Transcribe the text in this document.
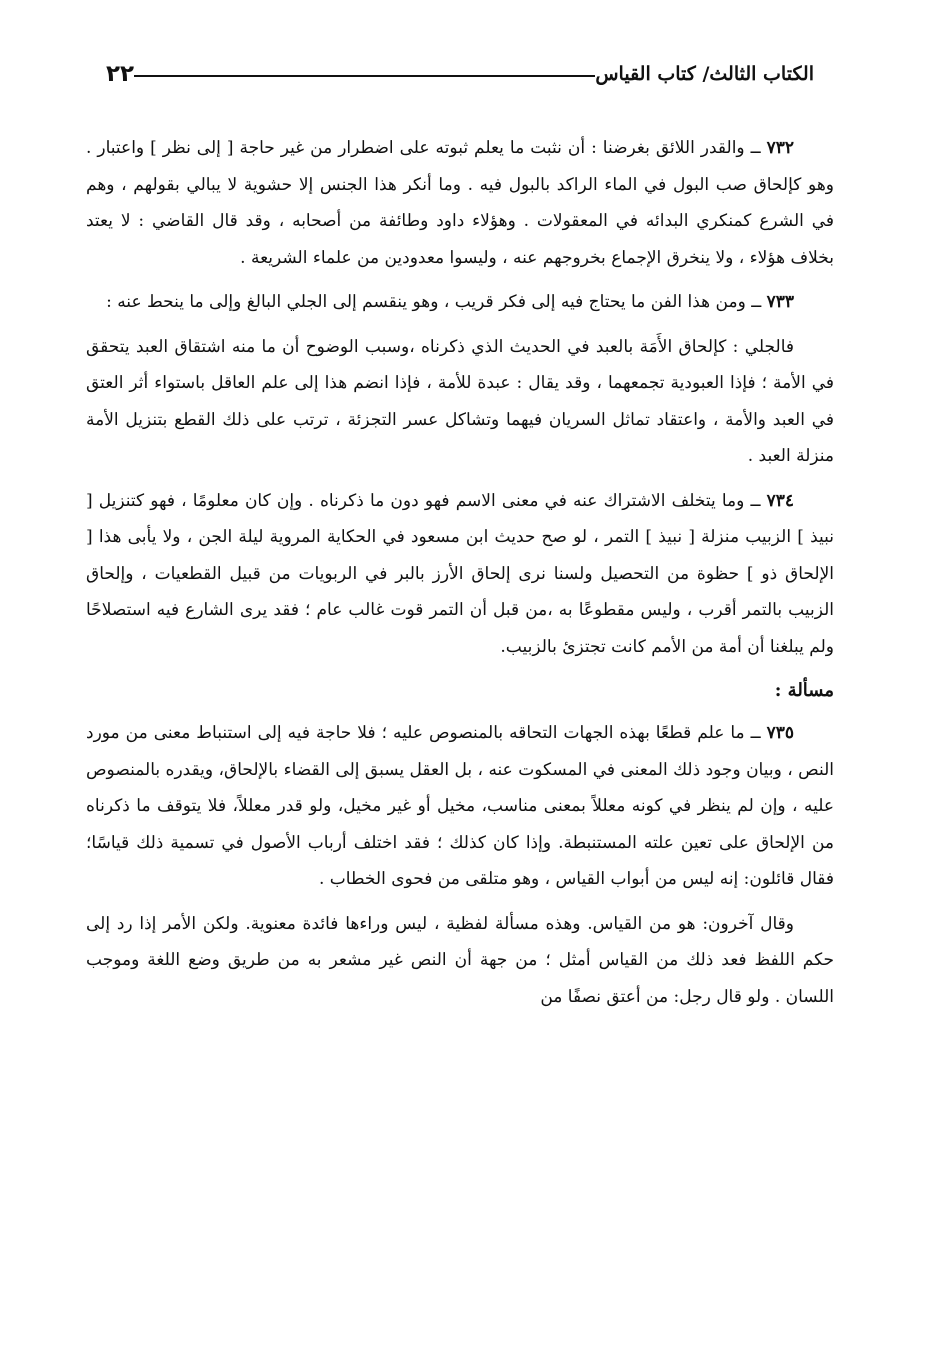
الكتاب الثالث/ كتاب القياس
٢٢

٧٣٢ ــ والقدر اللائق بغرضنا : أن نثبت ما يعلم ثبوته على اضطرار من غير حاجة [ إلى نظر ] واعتبار . وهو كإلحاق صب البول في الماء الراكد بالبول فيه . وما أنكر هذا الجنس إلا حشوية لا يبالي بقولهم ، وهم في الشرع كمنكري البدائه في المعقولات . وهؤلاء داود وطائفة من أصحابه ، وقد قال القاضي : لا يعتد بخلاف هؤلاء ، ولا ينخرق الإجماع بخروجهم عنه ، وليسوا معدودين من علماء الشريعة .

٧٣٣ ــ ومن هذا الفن ما يحتاج فيه إلى فكر قريب ، وهو ينقسم إلى الجلي البالغ وإلى ما ينحط عنه :

فالجلي : كإلحاق الأَمَة بالعبد في الحديث الذي ذكرناه ،وسبب الوضوح أن ما منه اشتقاق العبد يتحقق في الأمة ؛ فإذا العبودية تجمعهما ، وقد يقال : عبدة للأمة ، فإذا انضم هذا إلى علم العاقل باستواء أثر العتق في العبد والأمة ، واعتقاد تماثل السريان فيهما وتشاكل عسر التجزئة ، ترتب على ذلك القطع بتنزيل الأمة منزلة العبد .

٧٣٤ ــ وما يتخلف الاشتراك عنه في معنى الاسم فهو دون ما ذكرناه . وإن كان معلومًا ، فهو كتنزيل [ نبيذ ] الزبيب منزلة [ نبيذ ] التمر ، لو صح حديث ابن مسعود في الحكاية المروية ليلة الجن ، ولا يأبى هذا [ الإلحاق ذو ] حظوة من التحصيل ولسنا نرى إلحاق الأرز بالبر في الربويات من قبيل القطعيات ، وإلحاق الزبيب بالتمر أقرب ، وليس مقطوعًا به ،من قبل أن التمر قوت غالب عام ؛ فقد يرى الشارع فيه استصلاحًا ولم يبلغنا أن أمة من الأمم كانت تجتزئ بالزبيب.

مسألة :

٧٣٥ ــ ما علم قطعًا بهذه الجهات التحاقه بالمنصوص عليه ؛ فلا حاجة فيه إلى استنباط معنى من مورد النص ، وبيان وجود ذلك المعنى في المسكوت عنه ، بل العقل يسبق إلى القضاء بالإلحاق، ويقدره بالمنصوص عليه ، وإن لم ينظر في كونه معللاً بمعنى مناسب، مخيل أو غير مخيل، ولو قدر معللاً، فلا يتوقف ما ذكرناه من الإلحاق على تعين علته المستنبطة. وإذا كان كذلك ؛ فقد اختلف أرباب الأصول في تسمية ذلك قياسًا؛ فقال قائلون: إنه ليس من أبواب القياس ، وهو متلقى من فحوى الخطاب .

وقال آخرون: هو من القياس. وهذه مسألة لفظية ، ليس وراءها فائدة معنوية. ولكن الأمر إذا رد إلى حكم اللفظ فعد ذلك من القياس أمثل ؛ من جهة أن النص غير مشعر به من طريق وضع اللغة وموجب اللسان . ولو قال رجل: من أعتق نصفًا من
